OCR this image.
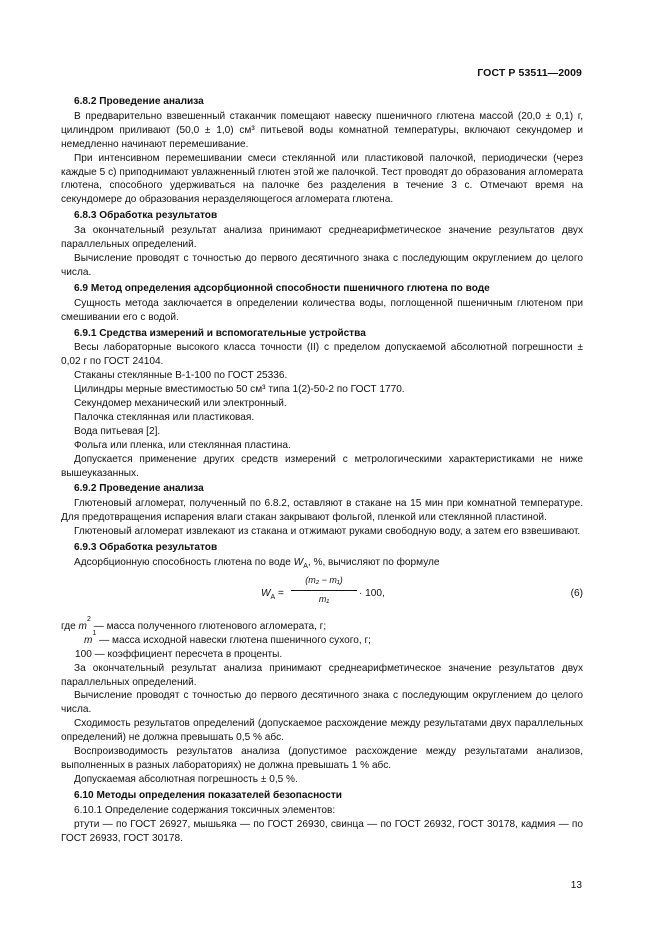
ГОСТ Р 53511—2009

6.8.2 Проведение анализа

В предварительно взвешенный стаканчик помещают навеску пшеничного глютена массой (20,0 ± 0,1) г, цилиндром приливают (50,0 ± 1,0) см³ питьевой воды комнатной температуры, включают секундомер и немедленно начинают перемешивание.

При интенсивном перемешивании смеси стеклянной или пластиковой палочкой, периодически (через каждые 5 с) приподнимают увлажненный глютен этой же палочкой. Тест проводят до образования агломерата глютена, способного удерживаться на палочке без разделения в течение 3 с. Отмечают время на секундомере до образования неразделяющегося агломерата глютена.

6.8.3 Обработка результатов

За окончательный результат анализа принимают среднеарифметическое значение результатов двух параллельных определений.

Вычисление проводят с точностью до первого десятичного знака с последующим округлением до целого числа.

6.9 Метод определения адсорбционной способности пшеничного глютена по воде

Сущность метода заключается в определении количества воды, поглощенной пшеничным глютеном при смешивании его с водой.

6.9.1 Средства измерений и вспомогательные устройства

Весы лабораторные высокого класса точности (II) с пределом допускаемой абсолютной погрешности ± 0,02 г по ГОСТ 24104.

Стаканы стеклянные В-1-100 по ГОСТ 25336.

Цилиндры мерные вместимостью 50 см³ типа 1(2)-50-2 по ГОСТ 1770.

Секундомер механический или электронный.

Палочка стеклянная или пластиковая.

Вода питьевая [2].

Фольга или пленка, или стеклянная пластина.

Допускается применение других средств измерений с метрологическими характеристиками не ниже вышеуказанных.

6.9.2 Проведение анализа

Глютеновый агломерат, полученный по 6.8.2, оставляют в стакане на 15 мин при комнатной температуре. Для предотвращения испарения влаги стакан закрывают фольгой, пленкой или стеклянной пластиной.

Глютеновый агломерат извлекают из стакана и отжимают руками свободную воду, а затем его взвешивают.

6.9.3 Обработка результатов

Адсорбционную способность глютена по воде $W_A$, %, вычисляют по формуле

$W_A = \frac{\text{(m₂ − m₁)}}{\text{m₁}} \cdot 100$,	(6)
где
m
2

— масса полученного глютенового агломерата, г;
m
1

— масса исходной навески глютена пшеничного сухого, г;
100
— коэффициент пересчета в проценты.

За окончательный результат анализа принимают среднеарифметическое значение результатов двух параллельных определений.

Вычисление проводят с точностью до первого десятичного знака с последующим округлением до целого числа.

Сходимость результатов определений (допускаемое расхождение между результатами двух параллельных определений) не должна превышать 0,5 % абс.

Воспроизводимость результатов анализа (допустимое расхождение между результатами анализов, выполненных в разных лабораториях) не должна превышать 1 % абс.

Допускаемая абсолютная погрешность ± 0,5 %.

6.10 Методы определения показателей безопасности

6.10.1 Определение содержания токсичных элементов:

ртути — по ГОСТ 26927, мышьяка — по ГОСТ 26930, свинца — по ГОСТ 26932, ГОСТ 30178, кадмия — по ГОСТ 26933, ГОСТ 30178.

13
